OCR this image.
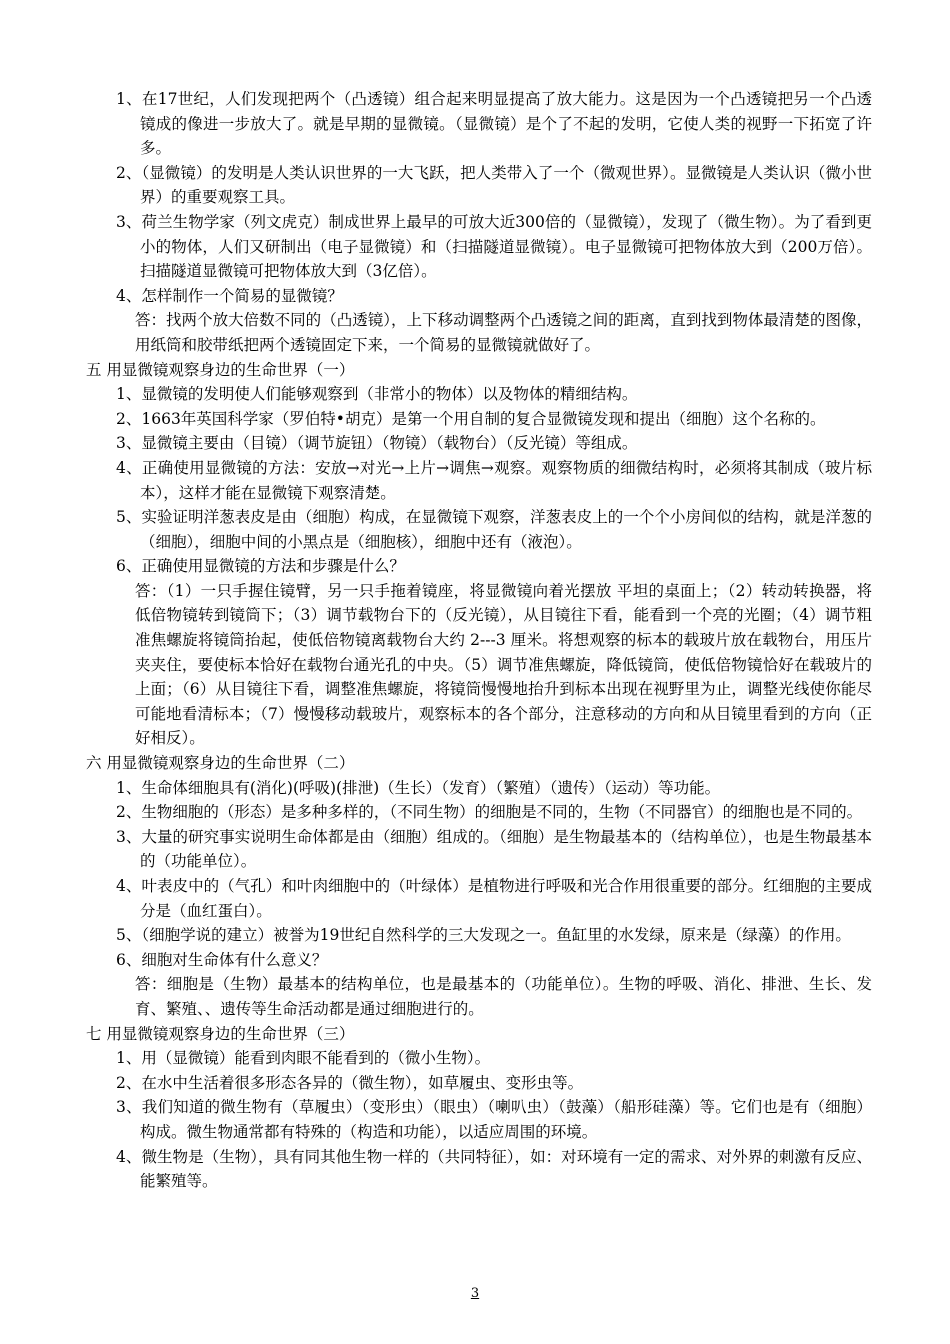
1、在17世纪，人们发现把两个（凸透镜）组合起来明显提高了放大能力。这是因为一个凸透镜把另一个凸透镜成的像进一步放大了。就是早期的显微镜。（显微镜）是个了不起的发明，它使人类的视野一下拓宽了许多。
2、（显微镜）的发明是人类认识世界的一大飞跃，把人类带入了一个（微观世界）。显微镜是人类认识（微小世界）的重要观察工具。
3、荷兰生物学家（列文虎克）制成世界上最早的可放大近300倍的（显微镜），发现了（微生物）。为了看到更小的物体，人们又研制出（电子显微镜）和（扫描隧道显微镜）。电子显微镜可把物体放大到（200万倍）。扫描隧道显微镜可把物体放大到（3亿倍）。
4、怎样制作一个简易的显微镜？
答：找两个放大倍数不同的（凸透镜），上下移动调整两个凸透镜之间的距离，直到找到物体最清楚的图像，用纸筒和胶带纸把两个透镜固定下来，一个简易的显微镜就做好了。
五 用显微镜观察身边的生命世界（一）
1、显微镜的发明使人们能够观察到（非常小的物体）以及物体的精细结构。
2、1663年英国科学家（罗伯特•胡克）是第一个用自制的复合显微镜发现和提出（细胞）这个名称的。
3、显微镜主要由（目镜）（调节旋钮）（物镜）（载物台）（反光镜）等组成。
4、正确使用显微镜的方法：安放→对光→上片→调焦→观察。观察物质的细微结构时，必须将其制成（玻片标本），这样才能在显微镜下观察清楚。
5、实验证明洋葱表皮是由（细胞）构成，在显微镜下观察，洋葱表皮上的一个个小房间似的结构，就是洋葱的（细胞），细胞中间的小黑点是（细胞核），细胞中还有（液泡）。
6、正确使用显微镜的方法和步骤是什么？
答：（1）一只手握住镜臂，另一只手拖着镜座，将显微镜向着光摆放 平坦的桌面上；（2）转动转换器，将低倍物镜转到镜筒下；（3）调节载物台下的（反光镜），从目镜往下看，能看到一个亮的光圈；（4）调节粗准焦螺旋将镜筒抬起，使低倍物镜离载物台大约 2---3 厘米。将想观察的标本的载玻片放在载物台，用压片夹夹住，要使标本恰好在载物台通光孔的中央。（5）调节准焦螺旋，降低镜筒，使低倍物镜恰好在载玻片的上面；（6）从目镜往下看，调整准焦螺旋，将镜筒慢慢地抬升到标本出现在视野里为止，调整光线使你能尽可能地看清标本；（7）慢慢移动载玻片，观察标本的各个部分，注意移动的方向和从目镜里看到的方向（正好相反）。
六 用显微镜观察身边的生命世界（二）
1、生命体细胞具有(消化)(呼吸)(排泄)（生长）（发育）（繁殖）（遗传）（运动）等功能。
2、生物细胞的（形态）是多种多样的，（不同生物）的细胞是不同的，生物（不同器官）的细胞也是不同的。
3、大量的研究事实说明生命体都是由（细胞）组成的。（细胞）是生物最基本的（结构单位），也是生物最基本的（功能单位）。
4、叶表皮中的（气孔）和叶肉细胞中的（叶绿体）是植物进行呼吸和光合作用很重要的部分。红细胞的主要成分是（血红蛋白）。
5、（细胞学说的建立）被誉为19世纪自然科学的三大发现之一。鱼缸里的水发绿，原来是（绿藻）的作用。
6、细胞对生命体有什么意义？
答：细胞是（生物）最基本的结构单位，也是最基本的（功能单位）。生物的呼吸、消化、排泄、生长、发育、繁殖、、遗传等生命活动都是通过细胞进行的。
七 用显微镜观察身边的生命世界（三）
1、用（显微镜）能看到肉眼不能看到的（微小生物）。
2、在水中生活着很多形态各异的（微生物），如草履虫、变形虫等。
3、我们知道的微生物有（草履虫）（变形虫）（眼虫）（喇叭虫）（鼓藻）（船形硅藻）等。它们也是有（细胞）构成。微生物通常都有特殊的（构造和功能），以适应周围的环境。
4、微生物是（生物），具有同其他生物一样的（共同特征），如：对环境有一定的需求、对外界的刺激有反应、能繁殖等。
3
